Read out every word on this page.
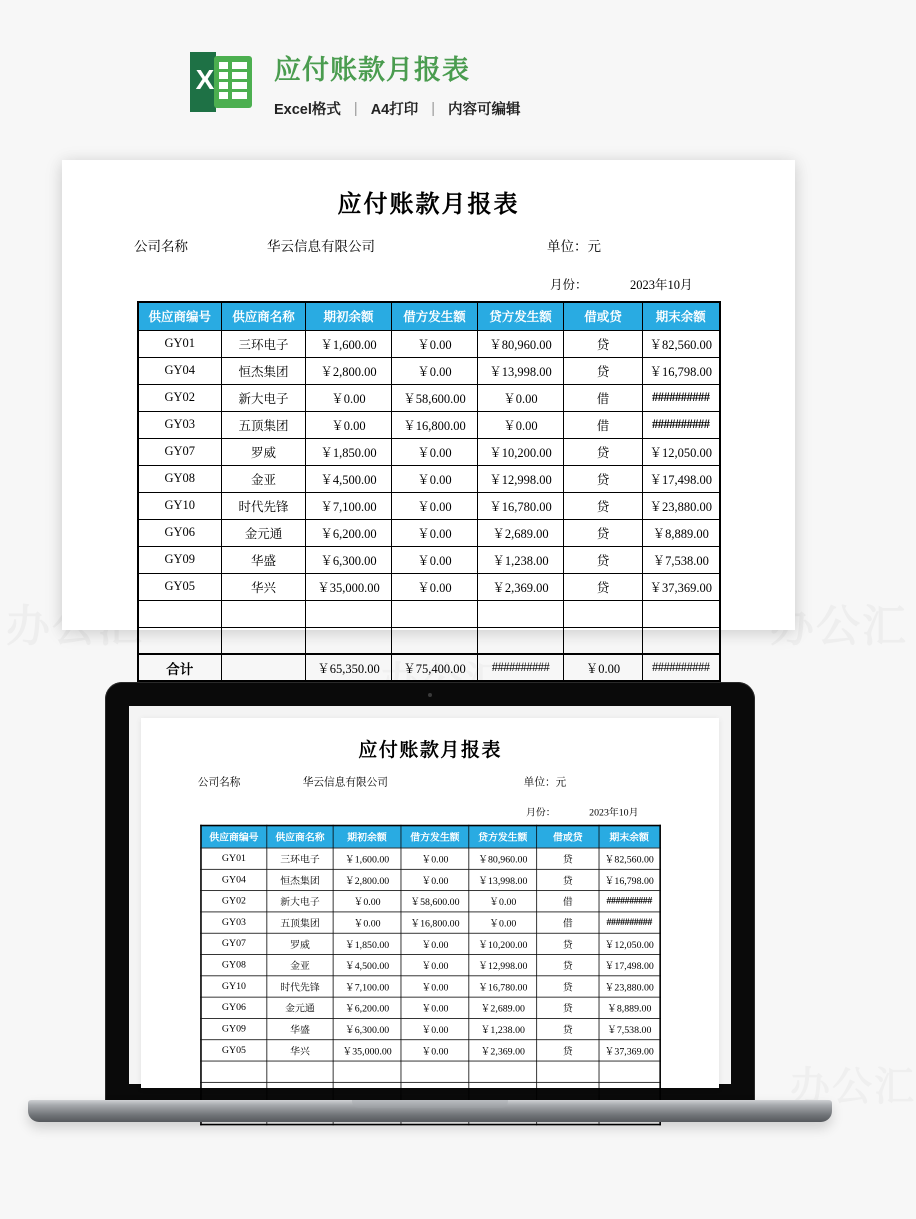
X 应付账款月报表
Excel格式 | A4打印 | 内容可编辑
应付账款月报表
公司名称	华云信息有限公司	单位：元
月份：	2023年10月
供应商编号	供应商名称	期初余额	借方发生额	贷方发生额	借或贷	期末余额
GY01	三环电子	￥1,600.00	￥0.00	￥80,960.00	贷	￥82,560.00
GY04	恒杰集团	￥2,800.00	￥0.00	￥13,998.00	贷	￥16,798.00
GY02	新大电子	￥0.00	￥58,600.00	￥0.00	借	##########
GY03	五顶集团	￥0.00	￥16,800.00	￥0.00	借	##########
GY07	罗威	￥1,850.00	￥0.00	￥10,200.00	贷	￥12,050.00
GY08	金亚	￥4,500.00	￥0.00	￥12,998.00	贷	￥17,498.00
GY10	时代先锋	￥7,100.00	￥0.00	￥16,780.00	贷	￥23,880.00
GY06	金元通	￥6,200.00	￥0.00	￥2,689.00	贷	￥8,889.00
GY09	华盛	￥6,300.00	￥0.00	￥1,238.00	贷	￥7,538.00
GY05	华兴	￥35,000.00	￥0.00	￥2,369.00	贷	￥37,369.00

合计		￥65,350.00	￥75,400.00	##########	￥0.00	##########
应付账款月报表
公司名称	华云信息有限公司	单位：元
月份：	2023年10月
供应商编号	供应商名称	期初余额	借方发生额	贷方发生额	借或贷	期末余额
GY01	三环电子	￥1,600.00	￥0.00	￥80,960.00	贷	￥82,560.00
GY04	恒杰集团	￥2,800.00	￥0.00	￥13,998.00	贷	￥16,798.00
GY02	新大电子	￥0.00	￥58,600.00	￥0.00	借	##########
GY03	五顶集团	￥0.00	￥16,800.00	￥0.00	借	##########
GY07	罗威	￥1,850.00	￥0.00	￥10,200.00	贷	￥12,050.00
GY08	金亚	￥4,500.00	￥0.00	￥12,998.00	贷	￥17,498.00
GY10	时代先锋	￥7,100.00	￥0.00	￥16,780.00	贷	￥23,880.00
GY06	金元通	￥6,200.00	￥0.00	￥2,689.00	贷	￥8,889.00
GY09	华盛	￥6,300.00	￥0.00	￥1,238.00	贷	￥7,538.00
GY05	华兴	￥35,000.00	￥0.00	￥2,369.00	贷	￥37,369.00
